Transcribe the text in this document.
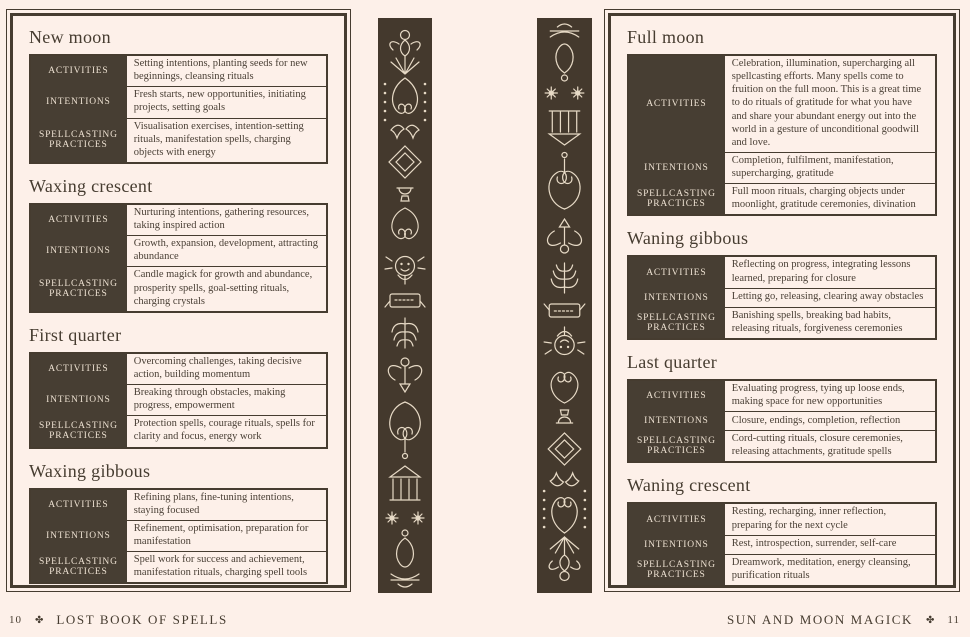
New moon
ACTIVITIES	Setting intentions, planting seeds for new beginnings, cleansing rituals
INTENTIONS	Fresh starts, new opportunities, initiating projects, setting goals
SPELLCASTING PRACTICES	Visualisation exercises, intention-setting rituals, manifestation spells, charging objects with energy
Waxing crescent
ACTIVITIES	Nurturing intentions, gathering resources, taking inspired action
INTENTIONS	Growth, expansion, development, attracting abundance
SPELLCASTING PRACTICES	Candle magick for growth and abundance, prosperity spells, goal-setting rituals, charging crystals
First quarter
ACTIVITIES	Overcoming challenges, taking decisive action, building momentum
INTENTIONS	Breaking through obstacles, making progress, empowerment
SPELLCASTING PRACTICES	Protection spells, courage rituals, spells for clarity and focus, energy work
Waxing gibbous
ACTIVITIES	Refining plans, fine-tuning intentions, staying focused
INTENTIONS	Refinement, optimisation, preparation for manifestation
SPELLCASTING PRACTICES	Spell work for success and achievement, manifestation rituals, charging spell tools
Full moon
ACTIVITIES	Celebration, illumination, supercharging all spellcasting efforts. Many spells come to fruition on the full moon. This is a great time to do rituals of gratitude for what you have and share your abundant energy out into the world in a gesture of unconditional goodwill and love.
INTENTIONS	Completion, fulfilment, manifestation, supercharging, gratitude
SPELLCASTING PRACTICES	Full moon rituals, charging objects under moonlight, gratitude ceremonies, divination
Waning gibbous
ACTIVITIES	Reflecting on progress, integrating lessons learned, preparing for closure
INTENTIONS	Letting go, releasing, clearing away obstacles
SPELLCASTING PRACTICES	Banishing spells, breaking bad habits, releasing rituals, forgiveness ceremonies
Last quarter
ACTIVITIES	Evaluating progress, tying up loose ends, making space for new opportunities
INTENTIONS	Closure, endings, completion, reflection
SPELLCASTING PRACTICES	Cord-cutting rituals, closure ceremonies, releasing attachments, gratitude spells
Waning crescent
ACTIVITIES	Resting, recharging, inner reflection, preparing for the next cycle
INTENTIONS	Rest, introspection, surrender, self-care
SPELLCASTING PRACTICES	Dreamwork, meditation, energy cleansing, purification rituals
10 ✤ LOST BOOK OF SPELLS	SUN AND MOON MAGICK ✤ 11
